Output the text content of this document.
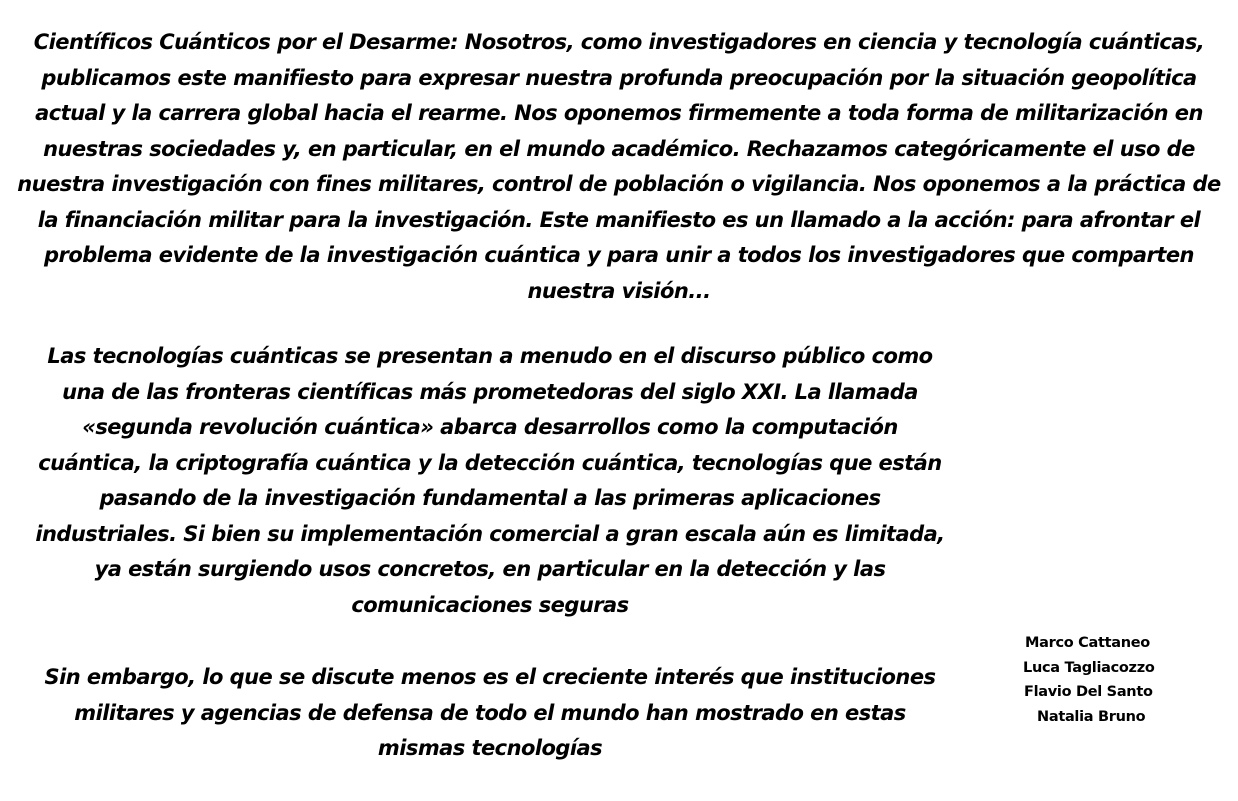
Científicos Cuánticos por el Desarme: Nosotros, como investigadores en ciencia y tecnología cuánticas, publicamos este manifiesto para expresar nuestra profunda preocupación por la situación geopolítica actual y la carrera global hacia el rearme. Nos oponemos firmemente a toda forma de militarización en nuestras sociedades y, en particular, en el mundo académico. Rechazamos categóricamente el uso de nuestra investigación con fines militares, control de población o vigilancia. Nos oponemos a la práctica de la financiación militar para la investigación. Este manifiesto es un llamado a la acción: para afrontar el problema evidente de la investigación cuántica y para unir a todos los investigadores que comparten nuestra visión...

Las tecnologías cuánticas se presentan a menudo en el discurso público como una de las fronteras científicas más prometedoras del siglo XXI. La llamada «segunda revolución cuántica» abarca desarrollos como la computación cuántica, la criptografía cuántica y la detección cuántica, tecnologías que están pasando de la investigación fundamental a las primeras aplicaciones industriales. Si bien su implementación comercial a gran escala aún es limitada, ya están surgiendo usos concretos, en particular en la detección y las comunicaciones seguras

Sin embargo, lo que se discute menos es el creciente interés que instituciones militares y agencias de defensa de todo el mundo han mostrado en estas mismas tecnologías

Marco Cattaneo
Luca Tagliacozzo
Flavio Del Santo
Natalia Bruno
